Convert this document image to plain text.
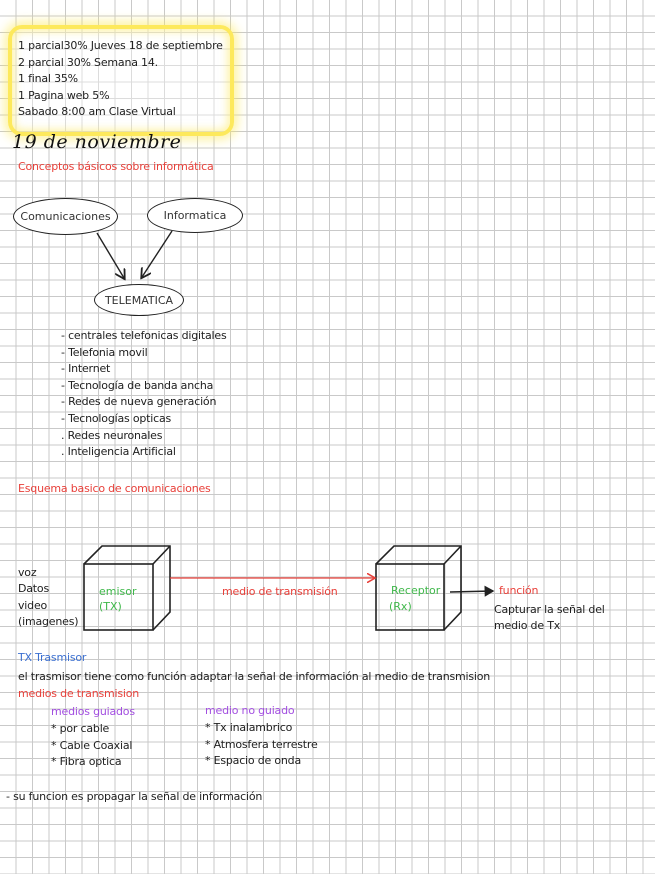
1 parcial30% Jueves 18 de septiembre
2 parcial 30% Semana 14.
1 final 35%
1 Pagina web 5%
Sabado 8:00 am Clase Virtual
19 de noviembre
Conceptos básicos sobre informática
Comunicaciones	Informatica
TELEMATICA
- centrales telefonicas digitales
- Telefonia movil
- Internet
- Tecnología de banda ancha
- Redes de nueva generación
- Tecnologías opticas
. Redes neuronales
. Inteligencia Artificial
Esquema basico de comunicaciones
voz
Datos
video
(imagenes)
emisor
(TX)
medio de transmisión	Receptor
(Rx)
función
Capturar la señal del
medio de Tx
TX Trasmisor
el trasmisor tiene como función adaptar la señal de información al medio de transmision
medios de transmision
medios guiados
* por cable
* Cable Coaxial
* Fibra optica
medio no guiado
* Tx inalambrico
* Atmosfera terrestre
* Espacio de onda
- su funcion es propagar la señal de información
